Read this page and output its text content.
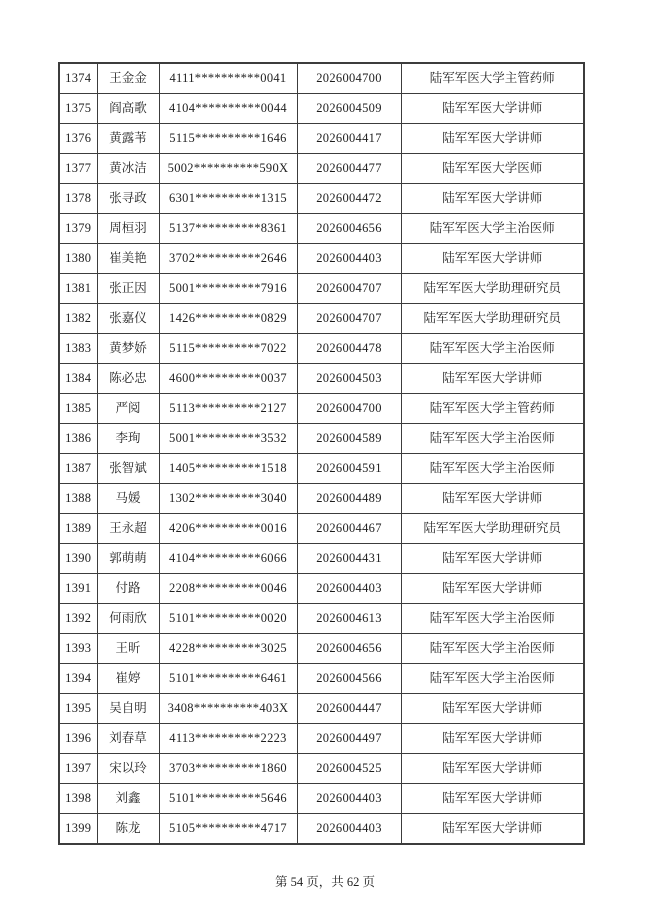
1374	王金金	4111**********0041	2026004700	陆军军医大学主管药师
1375	阎高歌	4104**********0044	2026004509	陆军军医大学讲师
1376	黄露苇	5115**********1646	2026004417	陆军军医大学讲师
1377	黄冰洁	5002**********590X	2026004477	陆军军医大学医师
1378	张寻政	6301**********1315	2026004472	陆军军医大学讲师
1379	周桓羽	5137**********8361	2026004656	陆军军医大学主治医师
1380	崔美艳	3702**********2646	2026004403	陆军军医大学讲师
1381	张正因	5001**********7916	2026004707	陆军军医大学助理研究员
1382	张嘉仪	1426**********0829	2026004707	陆军军医大学助理研究员
1383	黄梦娇	5115**********7022	2026004478	陆军军医大学主治医师
1384	陈必忠	4600**********0037	2026004503	陆军军医大学讲师
1385	严阅	5113**********2127	2026004700	陆军军医大学主管药师
1386	李珣	5001**********3532	2026004589	陆军军医大学主治医师
1387	张智斌	1405**********1518	2026004591	陆军军医大学主治医师
1388	马媛	1302**********3040	2026004489	陆军军医大学讲师
1389	王永超	4206**********0016	2026004467	陆军军医大学助理研究员
1390	郭萌萌	4104**********6066	2026004431	陆军军医大学讲师
1391	付路	2208**********0046	2026004403	陆军军医大学讲师
1392	何雨欣	5101**********0020	2026004613	陆军军医大学主治医师
1393	王昕	4228**********3025	2026004656	陆军军医大学主治医师
1394	崔婷	5101**********6461	2026004566	陆军军医大学主治医师
1395	吴自明	3408**********403X	2026004447	陆军军医大学讲师
1396	刘春草	4113**********2223	2026004497	陆军军医大学讲师
1397	宋以玲	3703**********1860	2026004525	陆军军医大学讲师
1398	刘鑫	5101**********5646	2026004403	陆军军医大学讲师
1399	陈龙	5105**********4717	2026004403	陆军军医大学讲师
第 54 页，共 62 页
